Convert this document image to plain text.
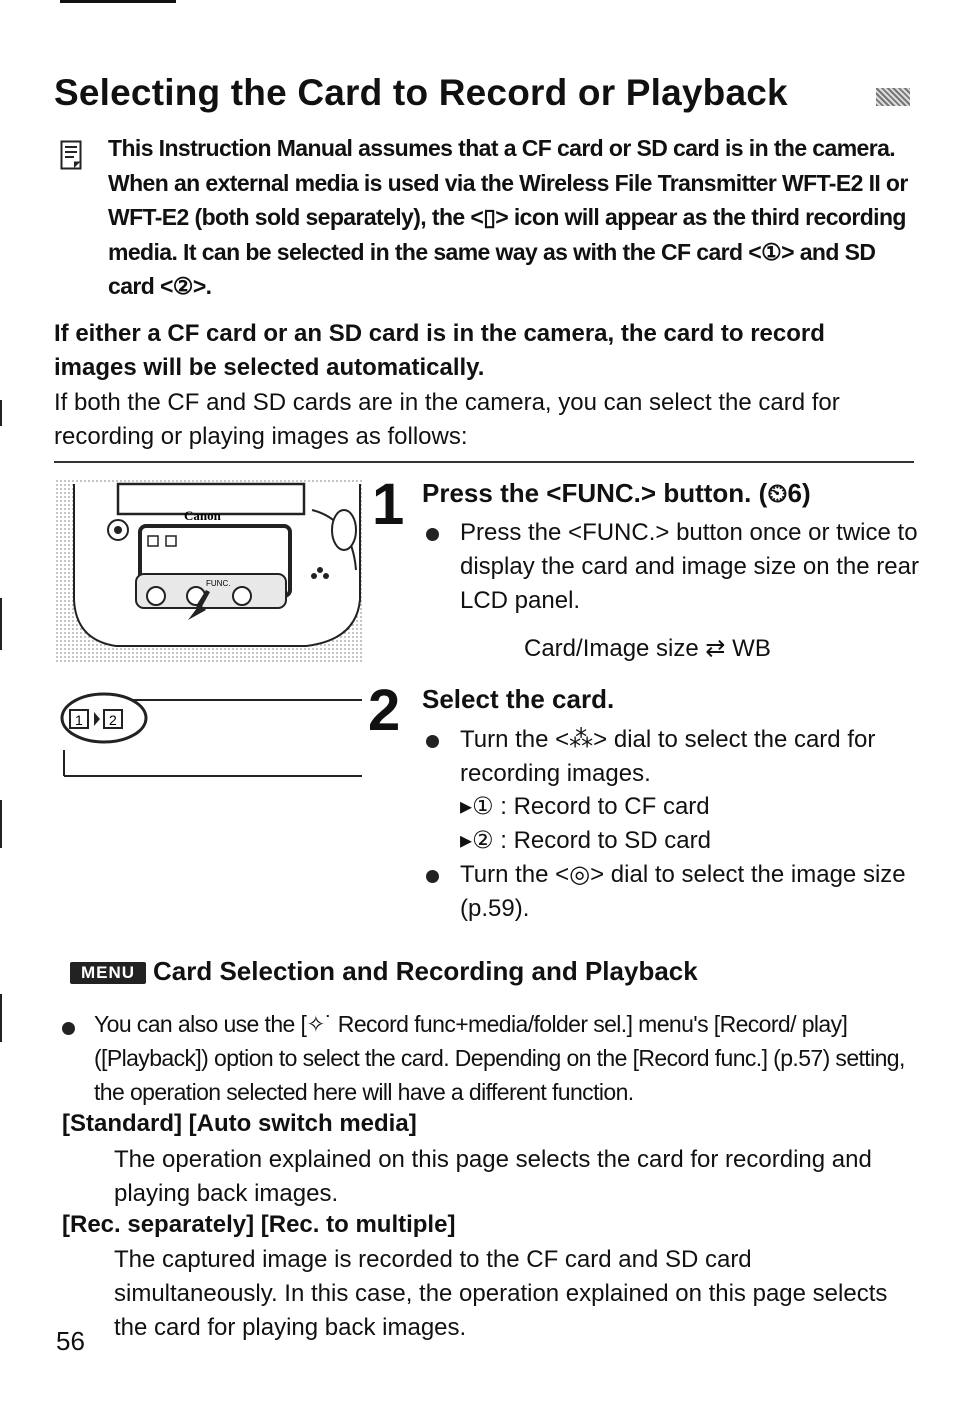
Selecting the Card to Record or Playback
This Instruction Manual assumes that a CF card or SD card is in the camera. When an external media is used via the Wireless File Transmitter WFT-E2 II or WFT-E2 (both sold separately), the <▯> icon will appear as the third recording media. It can be selected in the same way as with the CF card <①> and SD card <②>.
If either a CF card or an SD card is in the camera, the card to record images will be selected automatically.
If both the CF and SD cards are in the camera, you can select the card for recording or playing images as follows:
Canon
FUNC.
1 2
1 Press the <FUNC.> button. (⏲6)
Press the <FUNC.> button once or twice to display the card and image size on the rear LCD panel.
Card/Image size ⇄ WB
2 Select the card.
Turn the <⁂> dial to select the card for recording images.
▸① : Record to CF card
▸② : Record to SD card
Turn the <◎> dial to select the image size (p.59).
MENU Card Selection and Recording and Playback
You can also use the [✧˙ Record func+media/folder sel.] menu's [Record/ play] ([Playback]) option to select the card. Depending on the [Record func.] (p.57) setting, the operation selected here will have a different function.
[Standard] [Auto switch media]
The operation explained on this page selects the card for recording and playing back images.
[Rec. separately] [Rec. to multiple]
The captured image is recorded to the CF card and SD card simultaneously. In this case, the operation explained on this page selects the card for playing back images.
56
